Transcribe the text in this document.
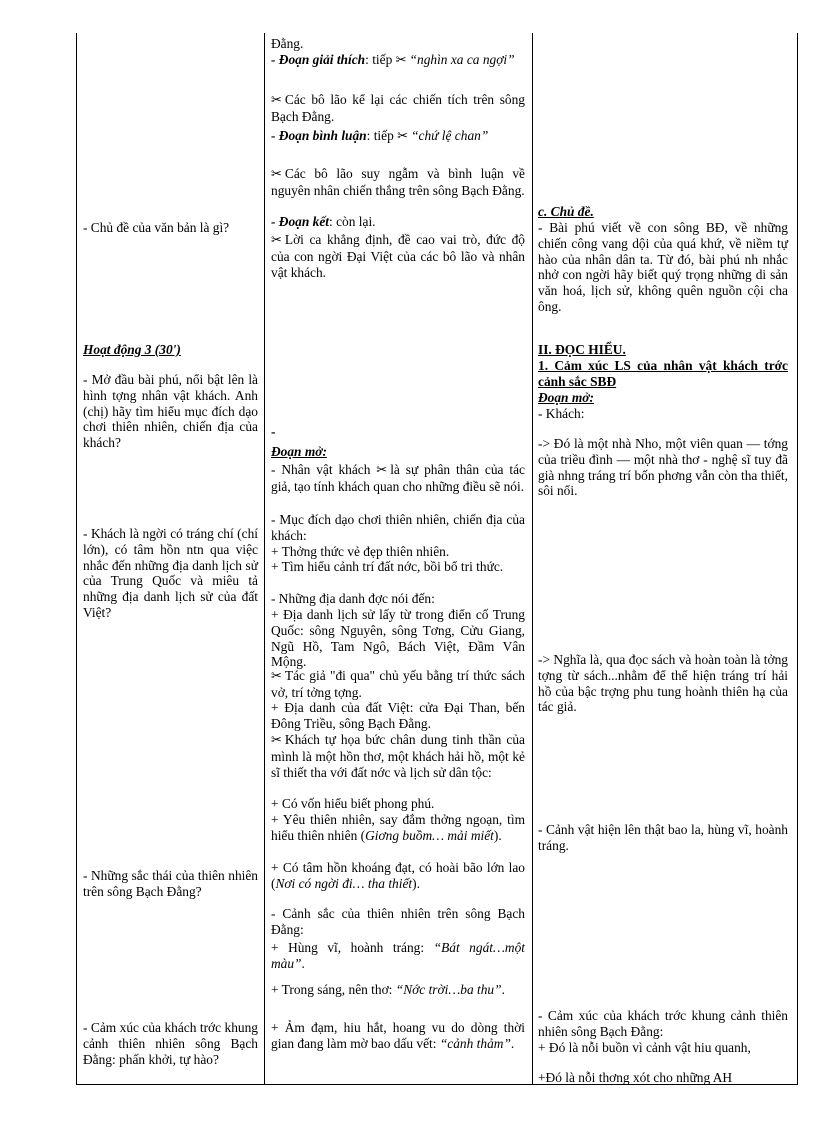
- Chủ đề của văn bản là gì?
Hoạt động 3 (30')
- Mở đầu bài phú, nổi bật lên là hình tợng nhân vật khách. Anh (chị) hãy tìm hiểu mục đích dạo chơi thiên nhiên, chiến địa của khách?
- Khách là ngời có tráng chí (chí lớn), có tâm hồn ntn qua việc nhắc đến những địa danh lịch sử của Trung Quốc và miêu tả những địa danh lịch sử của đất Việt?
- Những sắc thái của thiên nhiên trên sông Bạch Đằng?
- Cảm xúc của khách trớc khung cảnh thiên nhiên sông Bạch Đằng: phấn khởi, tự hào?
Đằng.
- Đoạn giải thích: tiếp ✂ “nghìn xa ca ngợi”
✂ Các bô lão kể lại các chiến tích trên sông Bạch Đằng.
- Đoạn bình luận: tiếp ✂ “chứ lệ chan”
✂ Các bô lão suy ngẫm và bình luận về nguyên nhân chiến thắng trên sông Bạch Đằng.
- Đoạn kết: còn lại.
✂ Lời ca khẳng định, đề cao vai trò, đức độ của con ngời Đại Việt của các bô lão và nhân vật khách.
-
Đoạn mở:
- Nhân vật khách ✂ là sự phân thân của tác giả, tạo tính khách quan cho những điều sẽ nói.
- Mục đích dạo chơi thiên nhiên, chiến địa của khách:
+ Thởng thức vẻ đẹp thiên nhiên.
+ Tìm hiểu cảnh trí đất nớc, bồi bổ tri thức.
- Những địa danh đợc nói đến:
+ Địa danh lịch sử lấy từ trong điển cố Trung Quốc: sông Nguyên, sông Tơng, Cửu Giang, Ngũ Hồ, Tam Ngô, Bách Việt, Đầm Vân Mộng.
✂ Tác giả "đi qua" chủ yếu bằng trí thức sách vở, trí tởng tợng.
+ Địa danh của đất Việt: cửa Đại Than, bến Đông Triều, sông Bạch Đằng.
✂ Khách tự họa bức chân dung tinh thần của mình là một hồn thơ, một khách hải hồ, một kẻ sĩ thiết tha với đất nớc và lịch sử dân tộc:
+ Có vốn hiểu biết phong phú.
+ Yêu thiên nhiên, say đắm thởng ngoạn, tìm hiểu thiên nhiên (Giơng buồm… mải miết).
+ Có tâm hồn khoáng đạt, có hoài bão lớn lao (Nơi có ngời đi… tha thiết).
- Cảnh sắc của thiên nhiên trên sông Bạch Đằng:
+ Hùng vĩ, hoành tráng: “Bát ngát…một màu”.
+ Trong sáng, nên thơ: “Nớc trời…ba thu”.
+ Ảm đạm, hiu hắt, hoang vu do dòng thời gian đang làm mờ bao dấu vết: “cảnh thảm”.
c. Chủ đề.
- Bài phú viết về con sông BĐ, về những chiến công vang dội của quá khứ, về niềm tự hào của nhân dân ta. Từ đó, bài phú nh nhắc nhở con ngời hãy biết quý trọng những di sản văn hoá, lịch sử, không quên nguồn cội cha ông.
II. ĐỌC HIỂU.
1. Cảm xúc LS của nhân vật khách trớc cảnh sắc SBĐ
Đoạn mở:
- Khách:
-> Đó là một nhà Nho, một viên quan — tớng của triều đình — một nhà thơ - nghệ sĩ tuy đã già nhng tráng trí bốn phơng vẫn còn tha thiết, sôi nổi.
-> Nghĩa là, qua đọc sách và hoàn toàn là tởng tợng từ sách...nhằm để thể hiện tráng trí hải hồ của bậc trợng phu tung hoành thiên hạ của tác giả.
- Cảnh vật hiện lên thật bao la, hùng vĩ, hoành tráng.
- Cảm xúc của khách trớc khung cảnh thiên nhiên sông Bạch Đằng:
+ Đó là nỗi buồn vì cảnh vật hiu quanh,
+Đó là nỗi thơng xót cho những AH
